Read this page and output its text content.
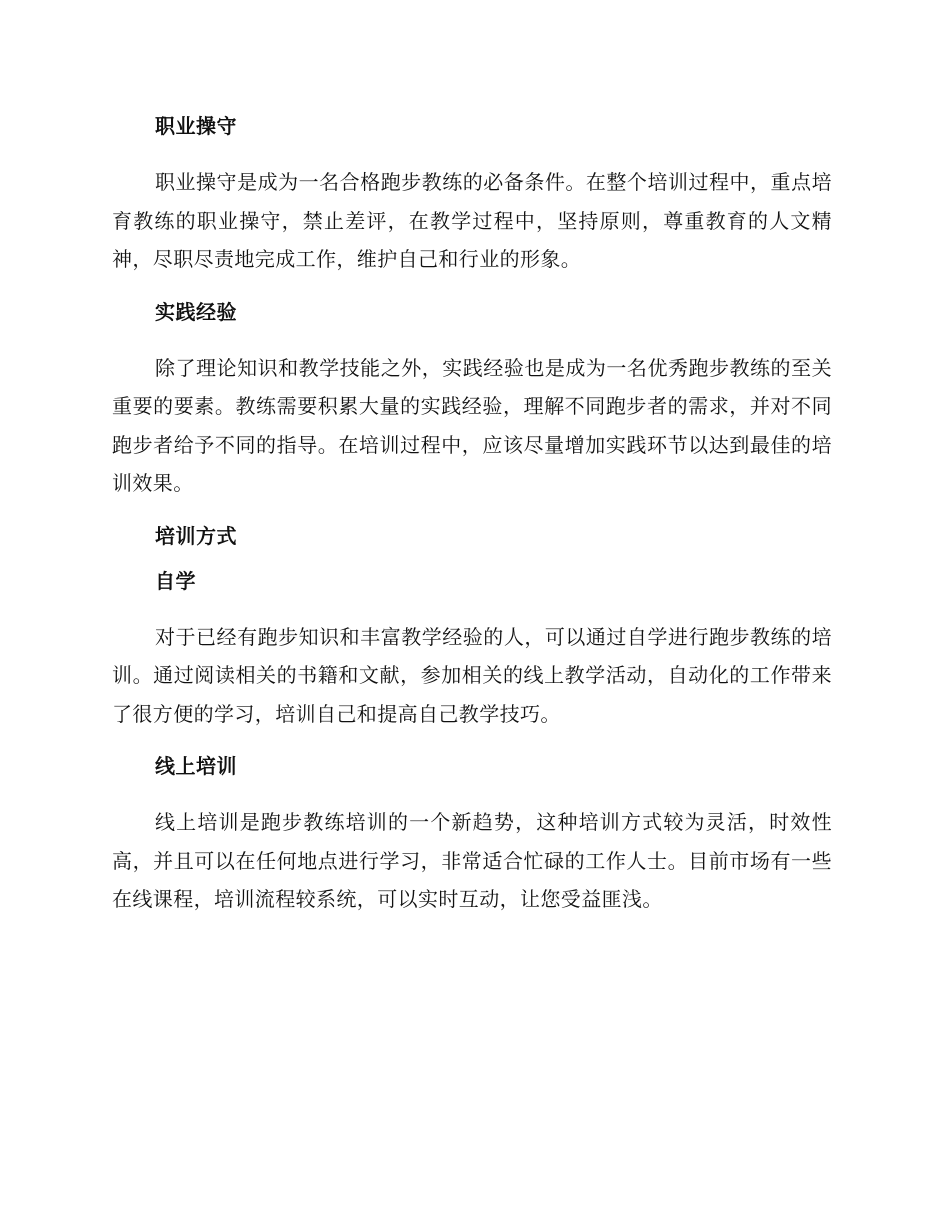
职业操守

职业操守是成为一名合格跑步教练的必备条件。在整个培训过程中，重点培育教练的职业操守，禁止差评，在教学过程中，坚持原则，尊重教育的人文精神，尽职尽责地完成工作，维护自己和行业的形象。

实践经验

除了理论知识和教学技能之外，实践经验也是成为一名优秀跑步教练的至关重要的要素。教练需要积累大量的实践经验，理解不同跑步者的需求，并对不同跑步者给予不同的指导。在培训过程中，应该尽量增加实践环节以达到最佳的培训效果。

培训方式
自学

对于已经有跑步知识和丰富教学经验的人，可以通过自学进行跑步教练的培训。通过阅读相关的书籍和文献，参加相关的线上教学活动，自动化的工作带来了很方便的学习，培训自己和提高自己教学技巧。

线上培训

线上培训是跑步教练培训的一个新趋势，这种培训方式较为灵活，时效性高，并且可以在任何地点进行学习，非常适合忙碌的工作人士。目前市场有一些在线课程，培训流程较系统，可以实时互动，让您受益匪浅。
